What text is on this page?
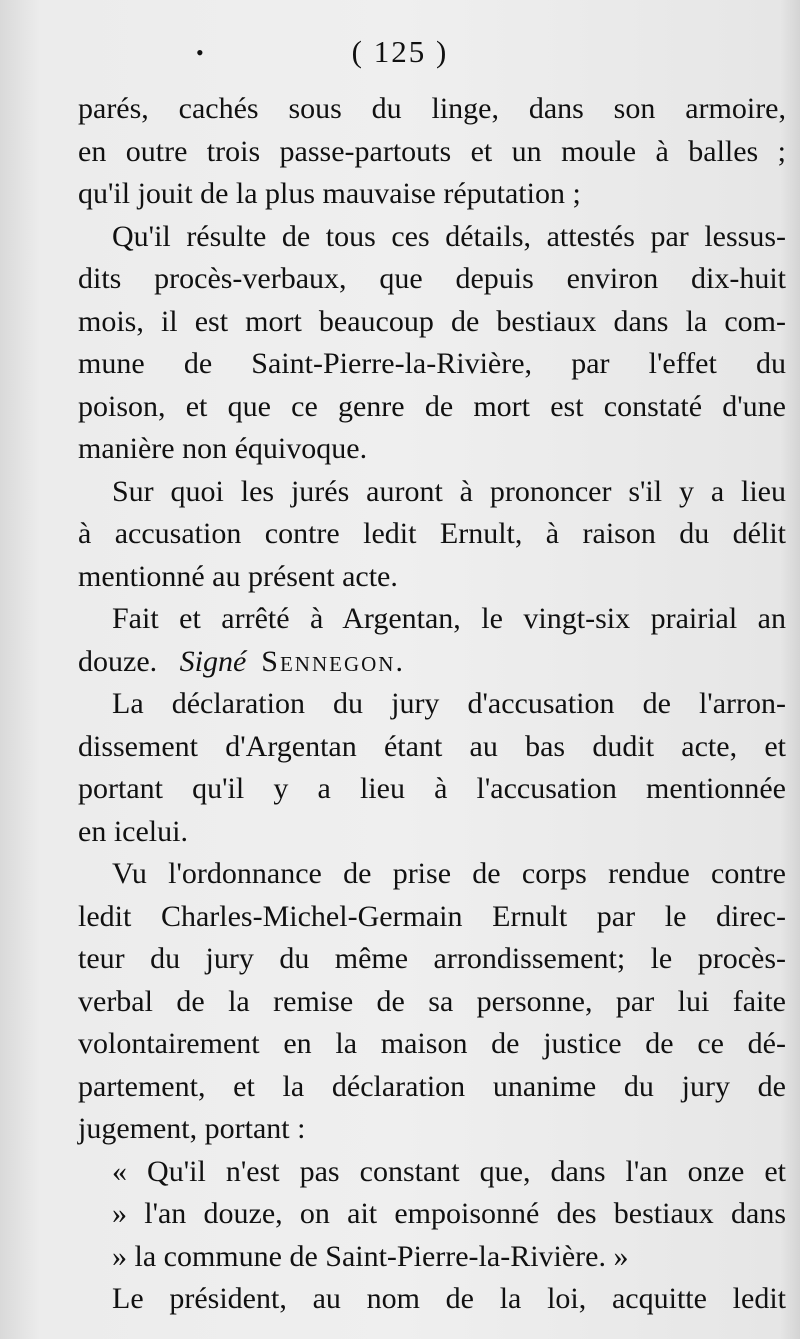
•	( 125 )
parés, cachés sous du linge, dans son armoire,
en outre trois passe-partouts et un moule à balles ;
qu'il jouit de la plus mauvaise réputation ;
Qu'il résulte de tous ces détails, attestés par lessus-
dits procès-verbaux, que depuis environ dix-huit
mois, il est mort beaucoup de bestiaux dans la com-
mune de Saint-Pierre-la-Rivière, par l'effet du
poison, et que ce genre de mort est constaté d'une
manière non équivoque.
Sur quoi les jurés auront à prononcer s'il y a lieu
à accusation contre ledit Ernult, à raison du délit
mentionné au présent acte.
Fait et arrêté à Argentan, le vingt-six prairial an
douze. Signé Sennegon.
La déclaration du jury d'accusation de l'arron-
dissement d'Argentan étant au bas dudit acte, et
portant qu'il y a lieu à l'accusation mentionnée
en icelui.
Vu l'ordonnance de prise de corps rendue contre
ledit Charles-Michel-Germain Ernult par le direc-
teur du jury du même arrondissement; le procès-
verbal de la remise de sa personne, par lui faite
volontairement en la maison de justice de ce dé-
partement, et la déclaration unanime du jury de
jugement, portant :
« Qu'il n'est pas constant que, dans l'an onze et
» l'an douze, on ait empoisonné des bestiaux dans
» la commune de Saint-Pierre-la-Rivière. »
Le président, au nom de la loi, acquitte ledit
